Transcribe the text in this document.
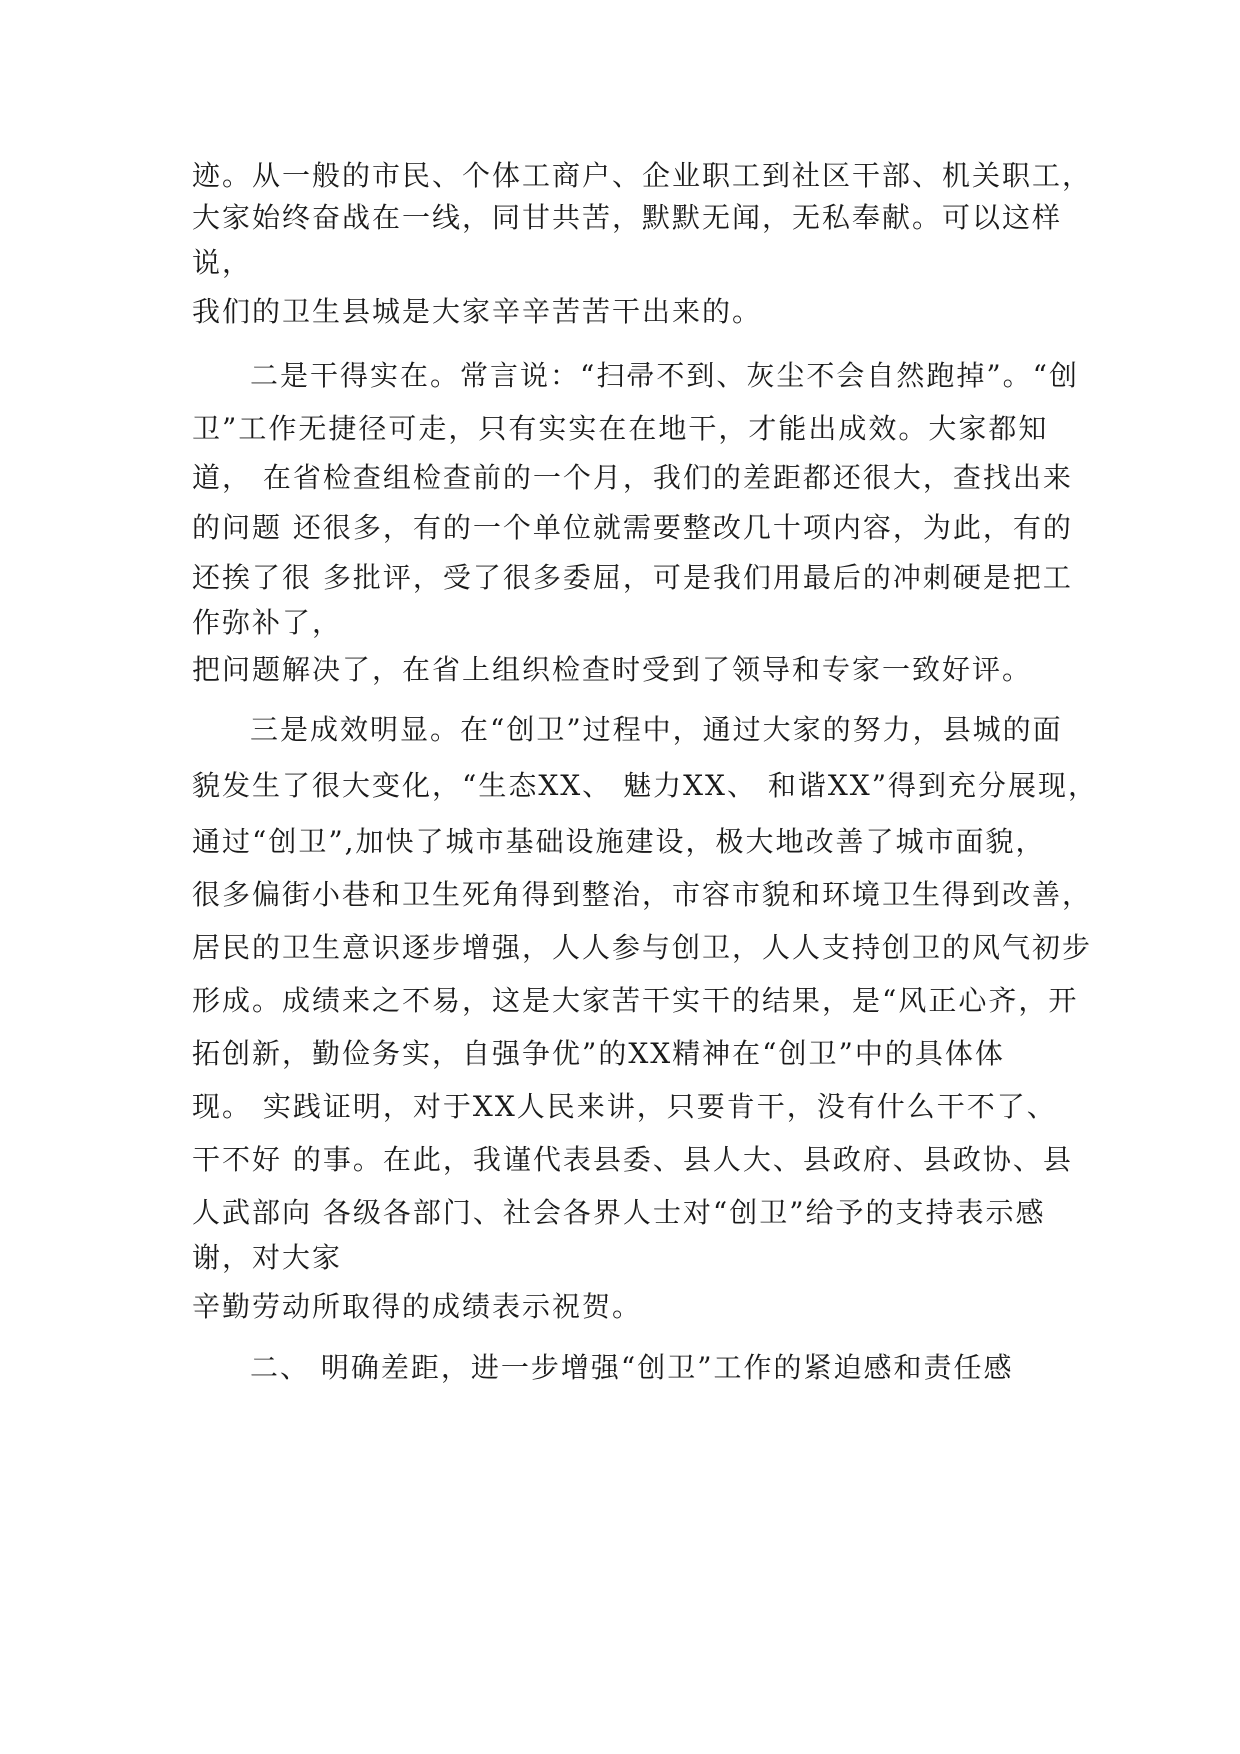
迹。从一般的市民、个体工商户、企业职工到社区干部、机关职工，
大家始终奋战在一线，同甘共苦，默默无闻，无私奉献。可以这样
说，
我们的卫生县城是大家辛辛苦苦干出来的。
二是干得实在。常言说：“扫帚不到、灰尘不会自然跑掉”。“创
卫”工作无捷径可走，只有实实在在地干，才能出成效。大家都知
道， 在省检查组检查前的一个月，我们的差距都还很大，查找出来
的问题 还很多，有的一个单位就需要整改几十项内容，为此，有的
还挨了很 多批评，受了很多委屈，可是我们用最后的冲刺硬是把工
作弥补了，
把问题解决了，在省上组织检查时受到了领导和专家一致好评。
三是成效明显。在“创卫”过程中，通过大家的努力，县城的面
貌发生了很大变化，“生态XX、 魅力XX、 和谐XX”得到充分展现，
通过“创卫”,加快了城市基础设施建设，极大地改善了城市面貌，
很多偏街小巷和卫生死角得到整治，市容市貌和环境卫生得到改善，
居民的卫生意识逐步增强，人人参与创卫，人人支持创卫的风气初步
形成。成绩来之不易，这是大家苦干实干的结果，是“风正心齐，开
拓创新，勤俭务实，自强争优”的XX精神在“创卫”中的具体体
现。 实践证明，对于XX人民来讲，只要肯干，没有什么干不了、
干不好 的事。在此，我谨代表县委、县人大、县政府、县政协、县
人武部向 各级各部门、社会各界人士对“创卫”给予的支持表示感
谢，对大家
辛勤劳动所取得的成绩表示祝贺。
二、 明确差距，进一步增强“创卫”工作的紧迫感和责任感
